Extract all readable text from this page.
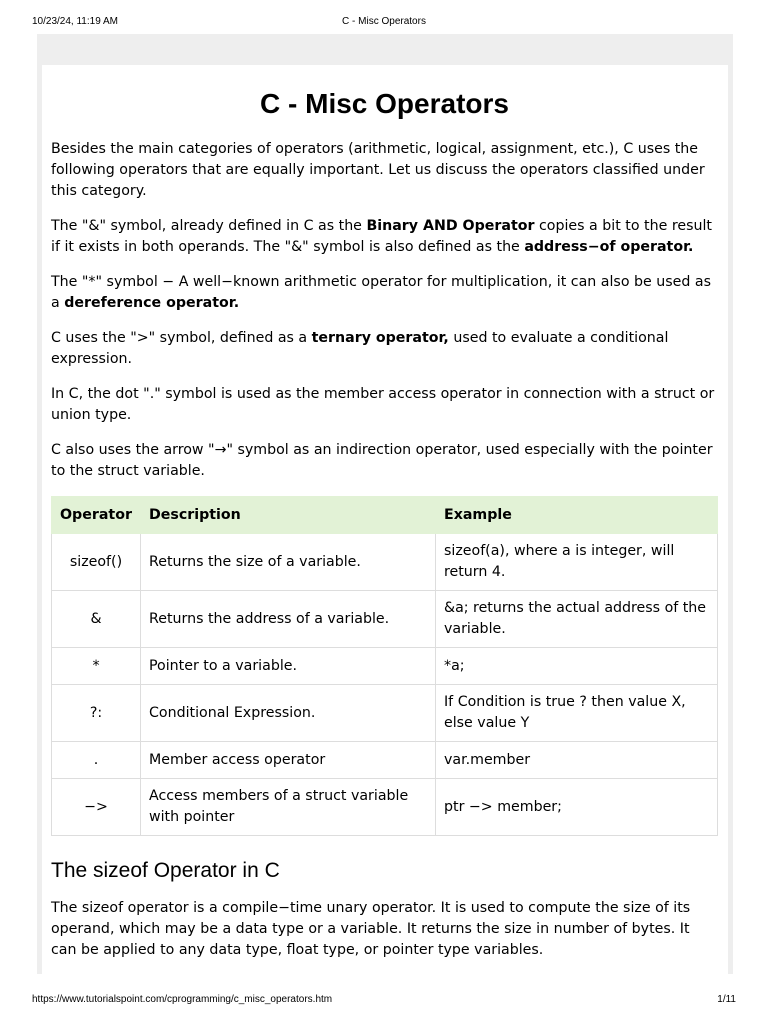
10/23/24, 11:19 AM	C - Misc Operators
C - Misc Operators

Besides the main categories of operators (arithmetic, logical, assignment, etc.), C uses the following operators that are equally important. Let us discuss the operators classified under this category.

The "&" symbol, already defined in C as the Binary AND Operator copies a bit to the result if it exists in both operands. The "&" symbol is also defined as the address−of operator.

The "*" symbol − A well−known arithmetic operator for multiplication, it can also be used as a dereference operator.

C uses the ">" symbol, defined as a ternary operator, used to evaluate a conditional expression.

In C, the dot "." symbol is used as the member access operator in connection with a struct or union type.

C also uses the arrow "→" symbol as an indirection operator, used especially with the pointer to the struct variable.

Operator	Description	Example
sizeof()	Returns the size of a variable.	sizeof(a), where a is integer, will return 4.
&	Returns the address of a variable.	&a; returns the actual address of the variable.
*	Pointer to a variable.	*a;
?:	Conditional Expression.	If Condition is true ? then value X, else value Y
.	Member access operator	var.member
−>	Access members of a struct variable with pointer	ptr −> member;
The sizeof Operator in C

The sizeof operator is a compile−time unary operator. It is used to compute the size of its operand, which may be a data type or a variable. It returns the size in number of bytes. It can be applied to any data type, float type, or pointer type variables.

https://www.tutorialspoint.com/cprogramming/c_misc_operators.htm	1/11
